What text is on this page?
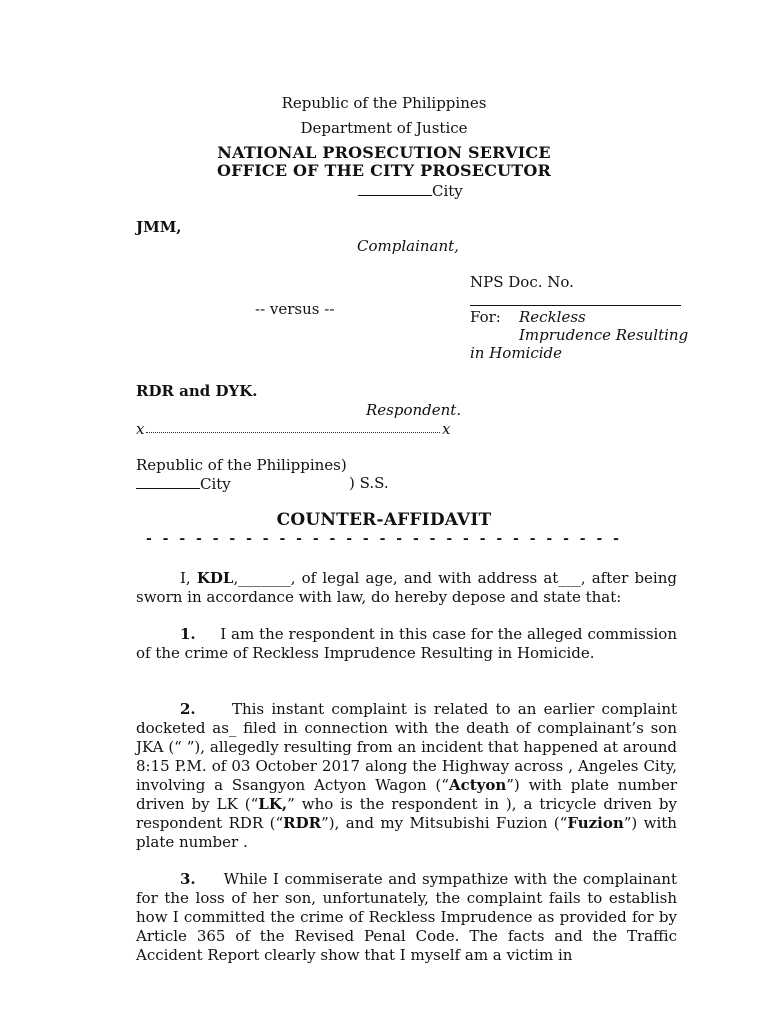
Republic of the Philippines
Department of Justice
NATIONAL PROSECUTION SERVICE
OFFICE OF THE CITY PROSECUTOR
City
JMM,
Complainant,
NPS Doc. No.
-- versus --	For: Reckless
Imprudence Resulting
in Homicide
RDR and DYK.
Respondent.
x	x
Republic of the Philippines)
City	) S.S.
COUNTER-AFFIDAVIT
- - - - - - - - - - - - - - - - - - - - - - - - - - - - -
I, KDL,_______, of legal age, and with address at___, after being sworn in accordance with law, do hereby depose and state that:
1. I am the respondent in this case for the alleged commission of the crime of Reckless Imprudence Resulting in Homicide.
2. This instant complaint is related to an earlier complaint docketed as_ filed in connection with the death of complainant’s son JKA (“ ”), allegedly resulting from an incident that happened at around 8:15 P.M. of 03 October 2017 along the Highway across , Angeles City, involving a Ssangyon Actyon Wagon (“Actyon”) with plate number driven by LK (“LK,” who is the respondent in ), a tricycle driven by respondent RDR (“RDR”), and my Mitsubishi Fuzion (“Fuzion”) with plate number .
3. While I commiserate and sympathize with the complainant for the loss of her son, unfortunately, the complaint fails to establish how I committed the crime of Reckless Imprudence as provided for by Article 365 of the Revised Penal Code. The facts and the Traffic Accident Report clearly show that I myself am a victim in
